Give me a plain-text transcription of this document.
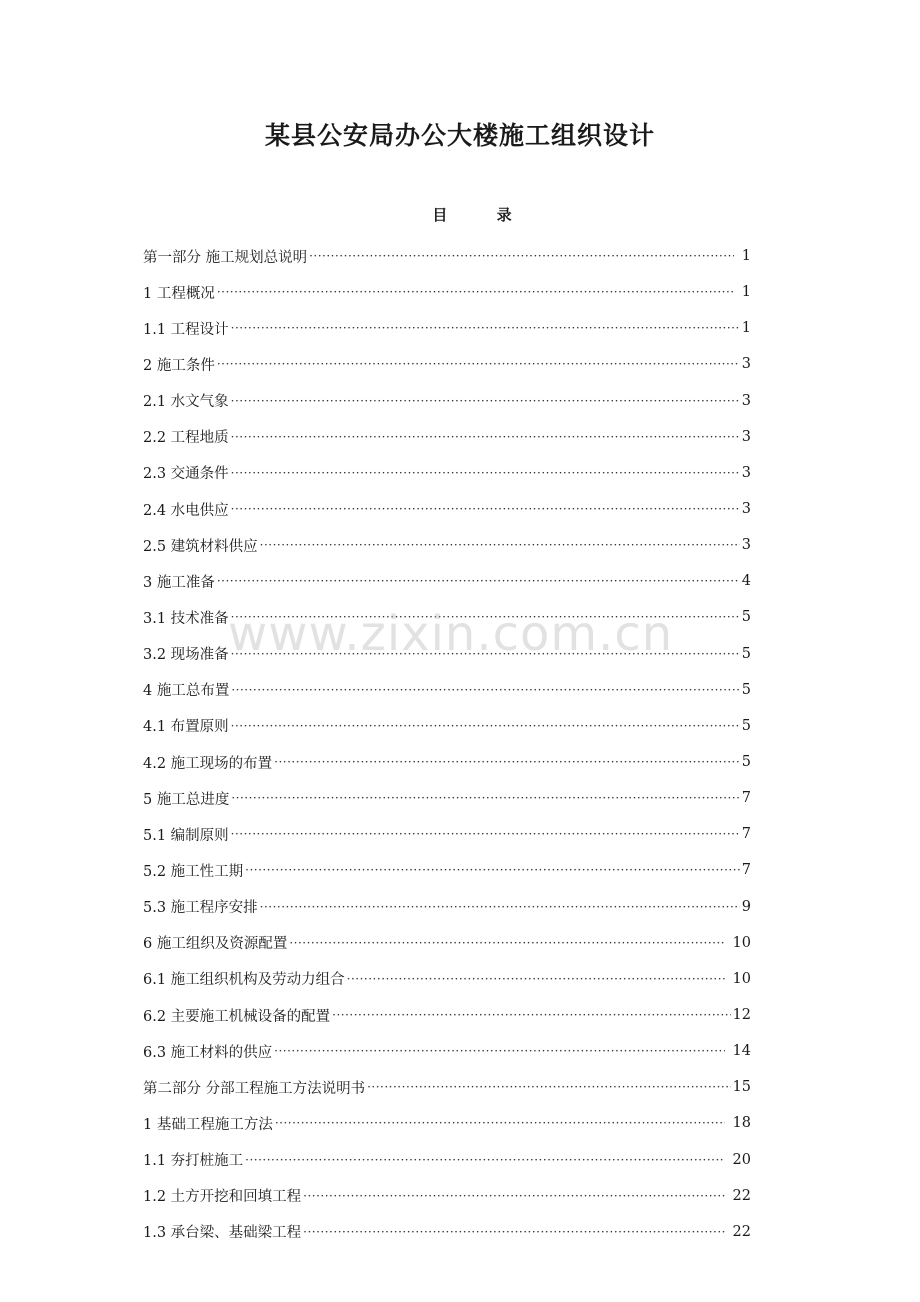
某县公安局办公大楼施工组织设计
目 录
第一部分 施工规划总说明 ·····	1
1 工程概况 ·····	1
1.1 工程设计 ·····	1
2 施工条件 ·····	3
2.1 水文气象 ·····	3
2.2 工程地质 ·····	3
2.3 交通条件 ·····	3
2.4 水电供应 ·····	3
2.5 建筑材料供应 ·····	3
3 施工准备 ·····	4
3.1 技术准备 ·····	5
3.2 现场准备 ·····	5
4 施工总布置 ·····	5
4.1 布置原则 ·····	5
4.2 施工现场的布置 ·····	5
5 施工总进度 ·····	7
5.1 编制原则 ·····	7
5.2 施工性工期 ·····	7
5.3 施工程序安排 ·····	9
6 施工组织及资源配置 ·····	10
6.1 施工组织机构及劳动力组合 ·····	10
6.2 主要施工机械设备的配置 ·····	12
6.3 施工材料的供应 ·····	14
第二部分 分部工程施工方法说明书 ·····	15
1 基础工程施工方法 ·····	18
1.1 夯打桩施工 ·····	20
1.2 土方开挖和回填工程 ·····	22
1.3 承台梁、基础梁工程 ·····	22
www.zixin.com.cn
